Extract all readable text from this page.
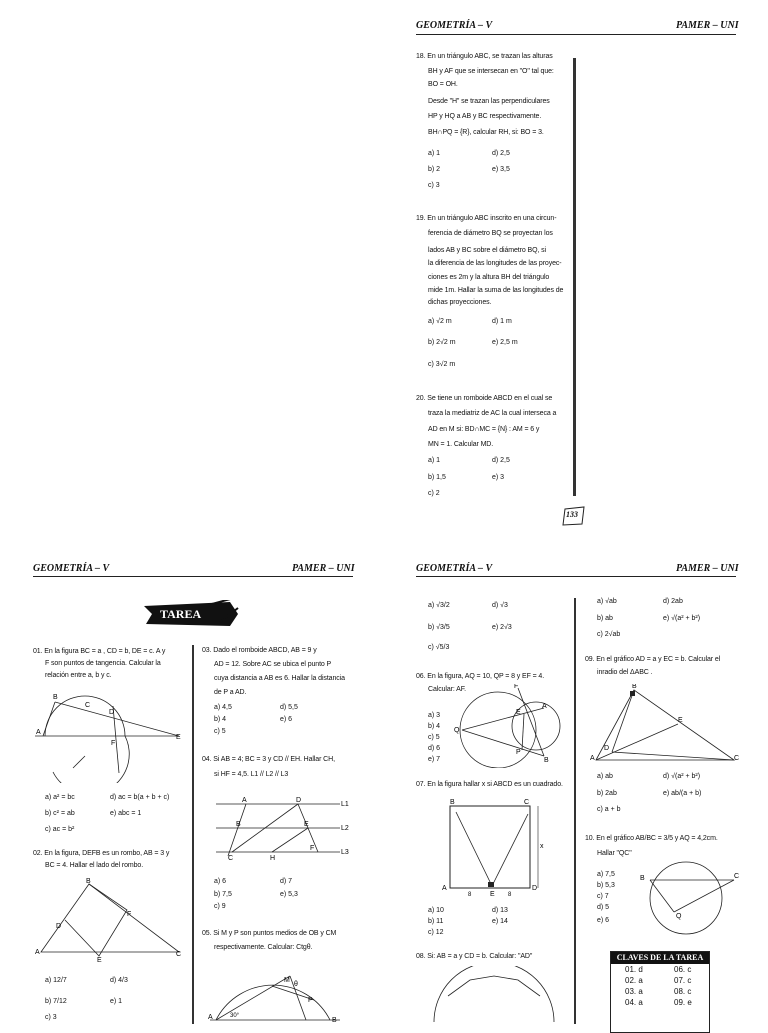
GEOMETRÍA – V	PAMER – UNI
GEOMETRÍA – V	PAMER – UNI	GEOMETRÍA – V	PAMER – UNI
133
18. En un triángulo ABC, se trazan las alturas
BH y AF que se intersecan en "O" tal que:
BO = OH.
Desde "H" se trazan las perpendiculares
HP y HQ a AB y BC respectivamente.
BH∩PQ = {R}, calcular RH, si: BO = 3.
a) 1	d) 2,5
b) 2	e) 3,5
c) 3
19. En un triángulo ABC inscrito en una circun-
ferencia de diámetro BQ se proyectan los
lados AB y BC sobre el diámetro BQ, si
la diferencia de las longitudes de las proyec-
ciones es 2m y la altura BH del triángulo
mide 1m. Hallar la suma de las longitudes de
dichas proyecciones.
a) √2 m	d) 1 m
b) 2√2 m	e) 2,5 m
c) 3√2 m
20. Se tiene un romboide ABCD en el cual se
traza la mediatriz de AC la cual interseca a
AD en M si: BD∩MC = {N} : AM = 6 y
MN = 1. Calcular MD.
a) 1	d) 2,5
b) 1,5	e) 3
c) 2
TAREA
01. En la figura BC = a , CD = b, DE = c. A y
F son puntos de tangencia. Calcular la
relación entre a, b y c.
B
C
D
A
F
E
a) a² = bc	d) ac = b(a + b + c)
b) c² = ab	e) abc = 1
c) ac = b²
02. En la figura, DEFB es un rombo, AB = 3 y
BC = 4. Hallar el lado del rombo.
A
B
C
D
E
F
a) 12/7	d) 4/3
b) 7/12	e) 1
c) 3
03. Dado el romboide ABCD, AB = 9 y
AD = 12. Sobre AC se ubica el punto P
cuya distancia a AB es 6. Hallar la distancia
de P a AD.
a) 4,5	d) 5,5
b) 4	e) 6
c) 5
04. Si AB = 4; BC = 3 y CD // EH. Hallar CH,
si HF = 4,5. L1 // L2 // L3
A	D
B	E
C	H
F
L1
L2
L3
a) 6	d) 7
b) 7,5	e) 5,3
c) 9
05. Si M y P son puntos medios de OB y CM
respectivamente. Calcular: Ctgθ.
A
M
θ
P
B
30°
a) √3/2	d) √3
b) √3/5	e) 2√3
c) √5/3
06. En la figura, AQ = 10, QP = 8 y EF = 4.
Calcular: AF.
a) 3
b) 4
c) 5
d) 6
e) 7
Q
F
E
A
P
B
07. En la figura hallar x si ABCD es un cuadrado.
B	C
A	D
E
x
8	8
a) 10	d) 13
b) 11	e) 14
c) 12
08. Si: AB = a y CD = b. Calcular: "AD"
a) √ab	d) 2ab
b) ab	e) √(a² + b²)
c) 2√ab
09. En el gráfico AD = a y EC = b. Calcular el
inradio del ΔABC .
B
A	C
D
E
a) ab	d) √(a² + b²)
b) 2ab	e) ab/(a + b)
c) a + b
10. En el gráfico AB/BC = 3/5 y AQ = 4,2cm.
Hallar "QC"
a) 7,5
b) 5,3
c) 7
d) 5
e) 6
B	C
Q
CLAVES DE LA TAREA
01. d	06. c
02. a	07. c
03. a	08. c
04. a	09. e
